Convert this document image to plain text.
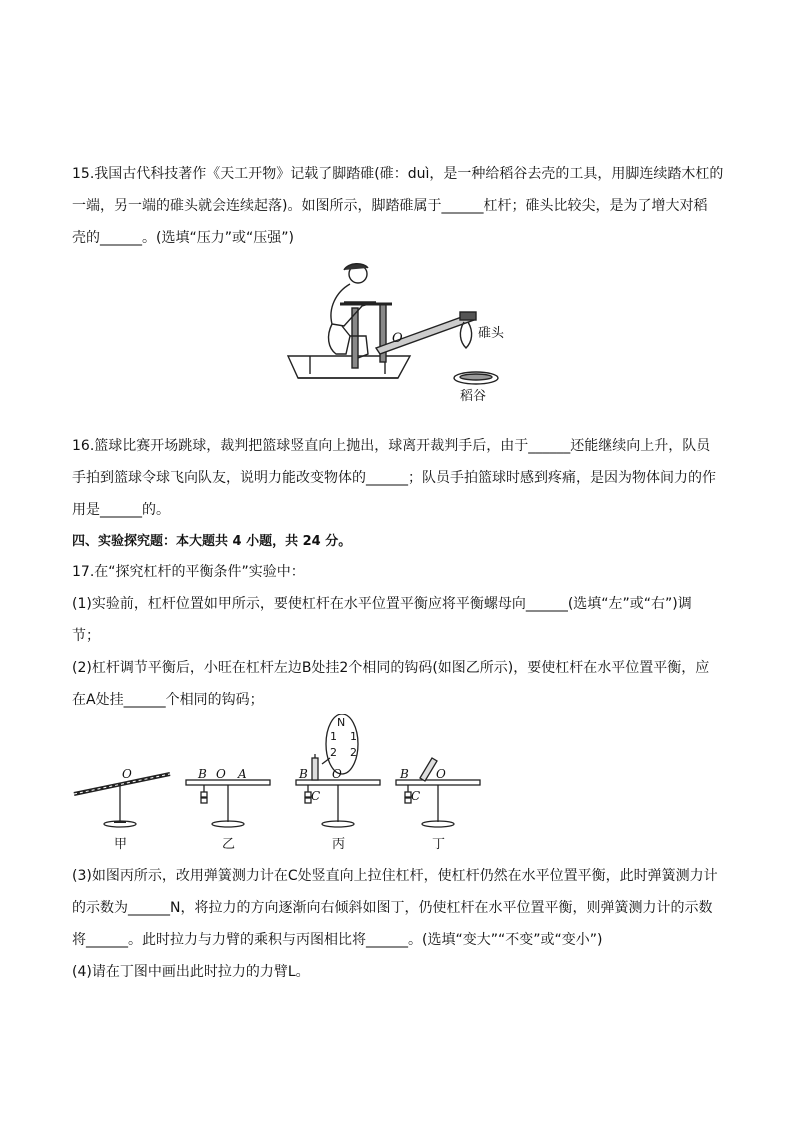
15.我国古代科技著作《天工开物》记载了脚踏碓(碓：duì，是一种给稻谷去壳的工具，用脚连续踏木杠的
一端，另一端的碓头就会连续起落)。如图所示，脚踏碓属于______杠杆；碓头比较尖，是为了增大对稻
壳的______。(选填“压力”或“压强”)
O	碓头
稻谷
16.篮球比赛开场跳球，裁判把篮球竖直向上抛出，球离开裁判手后，由于______还能继续向上升，队员
手拍到篮球令球飞向队友，说明力能改变物体的______；队员手拍篮球时感到疼痛，是因为物体间力的作
用是______的。
四、实验探究题：本大题共 4 小题，共 24 分。
17.在“探究杠杆的平衡条件”实验中：
(1)实验前，杠杆位置如甲所示，要使杠杆在水平位置平衡应将平衡螺母向______(选填“左”或“右”)调
节；
(2)杠杆调节平衡后，小旺在杠杆左边B处挂2个相同的钩码(如图乙所示)，要使杠杆在水平位置平衡，应
在A处挂______个相同的钩码；
O	B O A	B O
C
B O
C
N
1 1
2 2
甲	乙	丙	丁
(3)如图丙所示，改用弹簧测力计在C处竖直向上拉住杠杆，使杠杆仍然在水平位置平衡，此时弹簧测力计
的示数为______N，将拉力的方向逐渐向右倾斜如图丁，仍使杠杆在水平位置平衡，则弹簧测力计的示数
将______。此时拉力与力臂的乘积与丙图相比将______。(选填“变大”“不变”或“变小”)
(4)请在丁图中画出此时拉力的力臂L。
